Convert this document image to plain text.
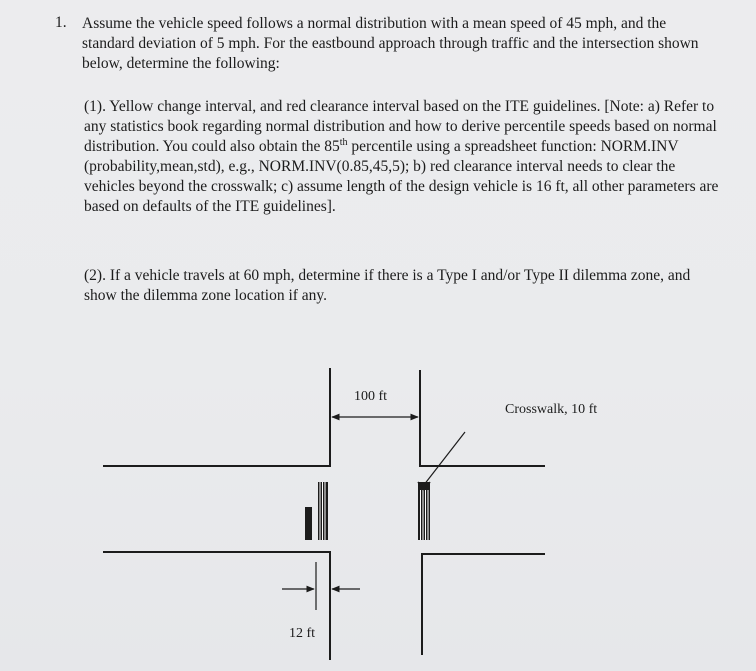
1. Assume the vehicle speed follows a normal distribution with a mean speed of 45 mph, and the standard deviation of 5 mph. For the eastbound approach through traffic and the intersection shown below, determine the following:

(1). Yellow change interval, and red clearance interval based on the ITE guidelines. [Note: a) Refer to any statistics book regarding normal distribution and how to derive percentile speeds based on normal distribution. You could also obtain the 85th percentile using a spreadsheet function: NORM.INV (probability,mean,std), e.g., NORM.INV(0.85,45,5); b) red clearance interval needs to clear the vehicles beyond the crosswalk; c) assume length of the design vehicle is 16 ft, all other parameters are based on defaults of the ITE guidelines].

(2). If a vehicle travels at 60 mph, determine if there is a Type I and/or Type II dilemma zone, and show the dilemma zone location if any.

100 ft
Crosswalk, 10 ft
12 ft
